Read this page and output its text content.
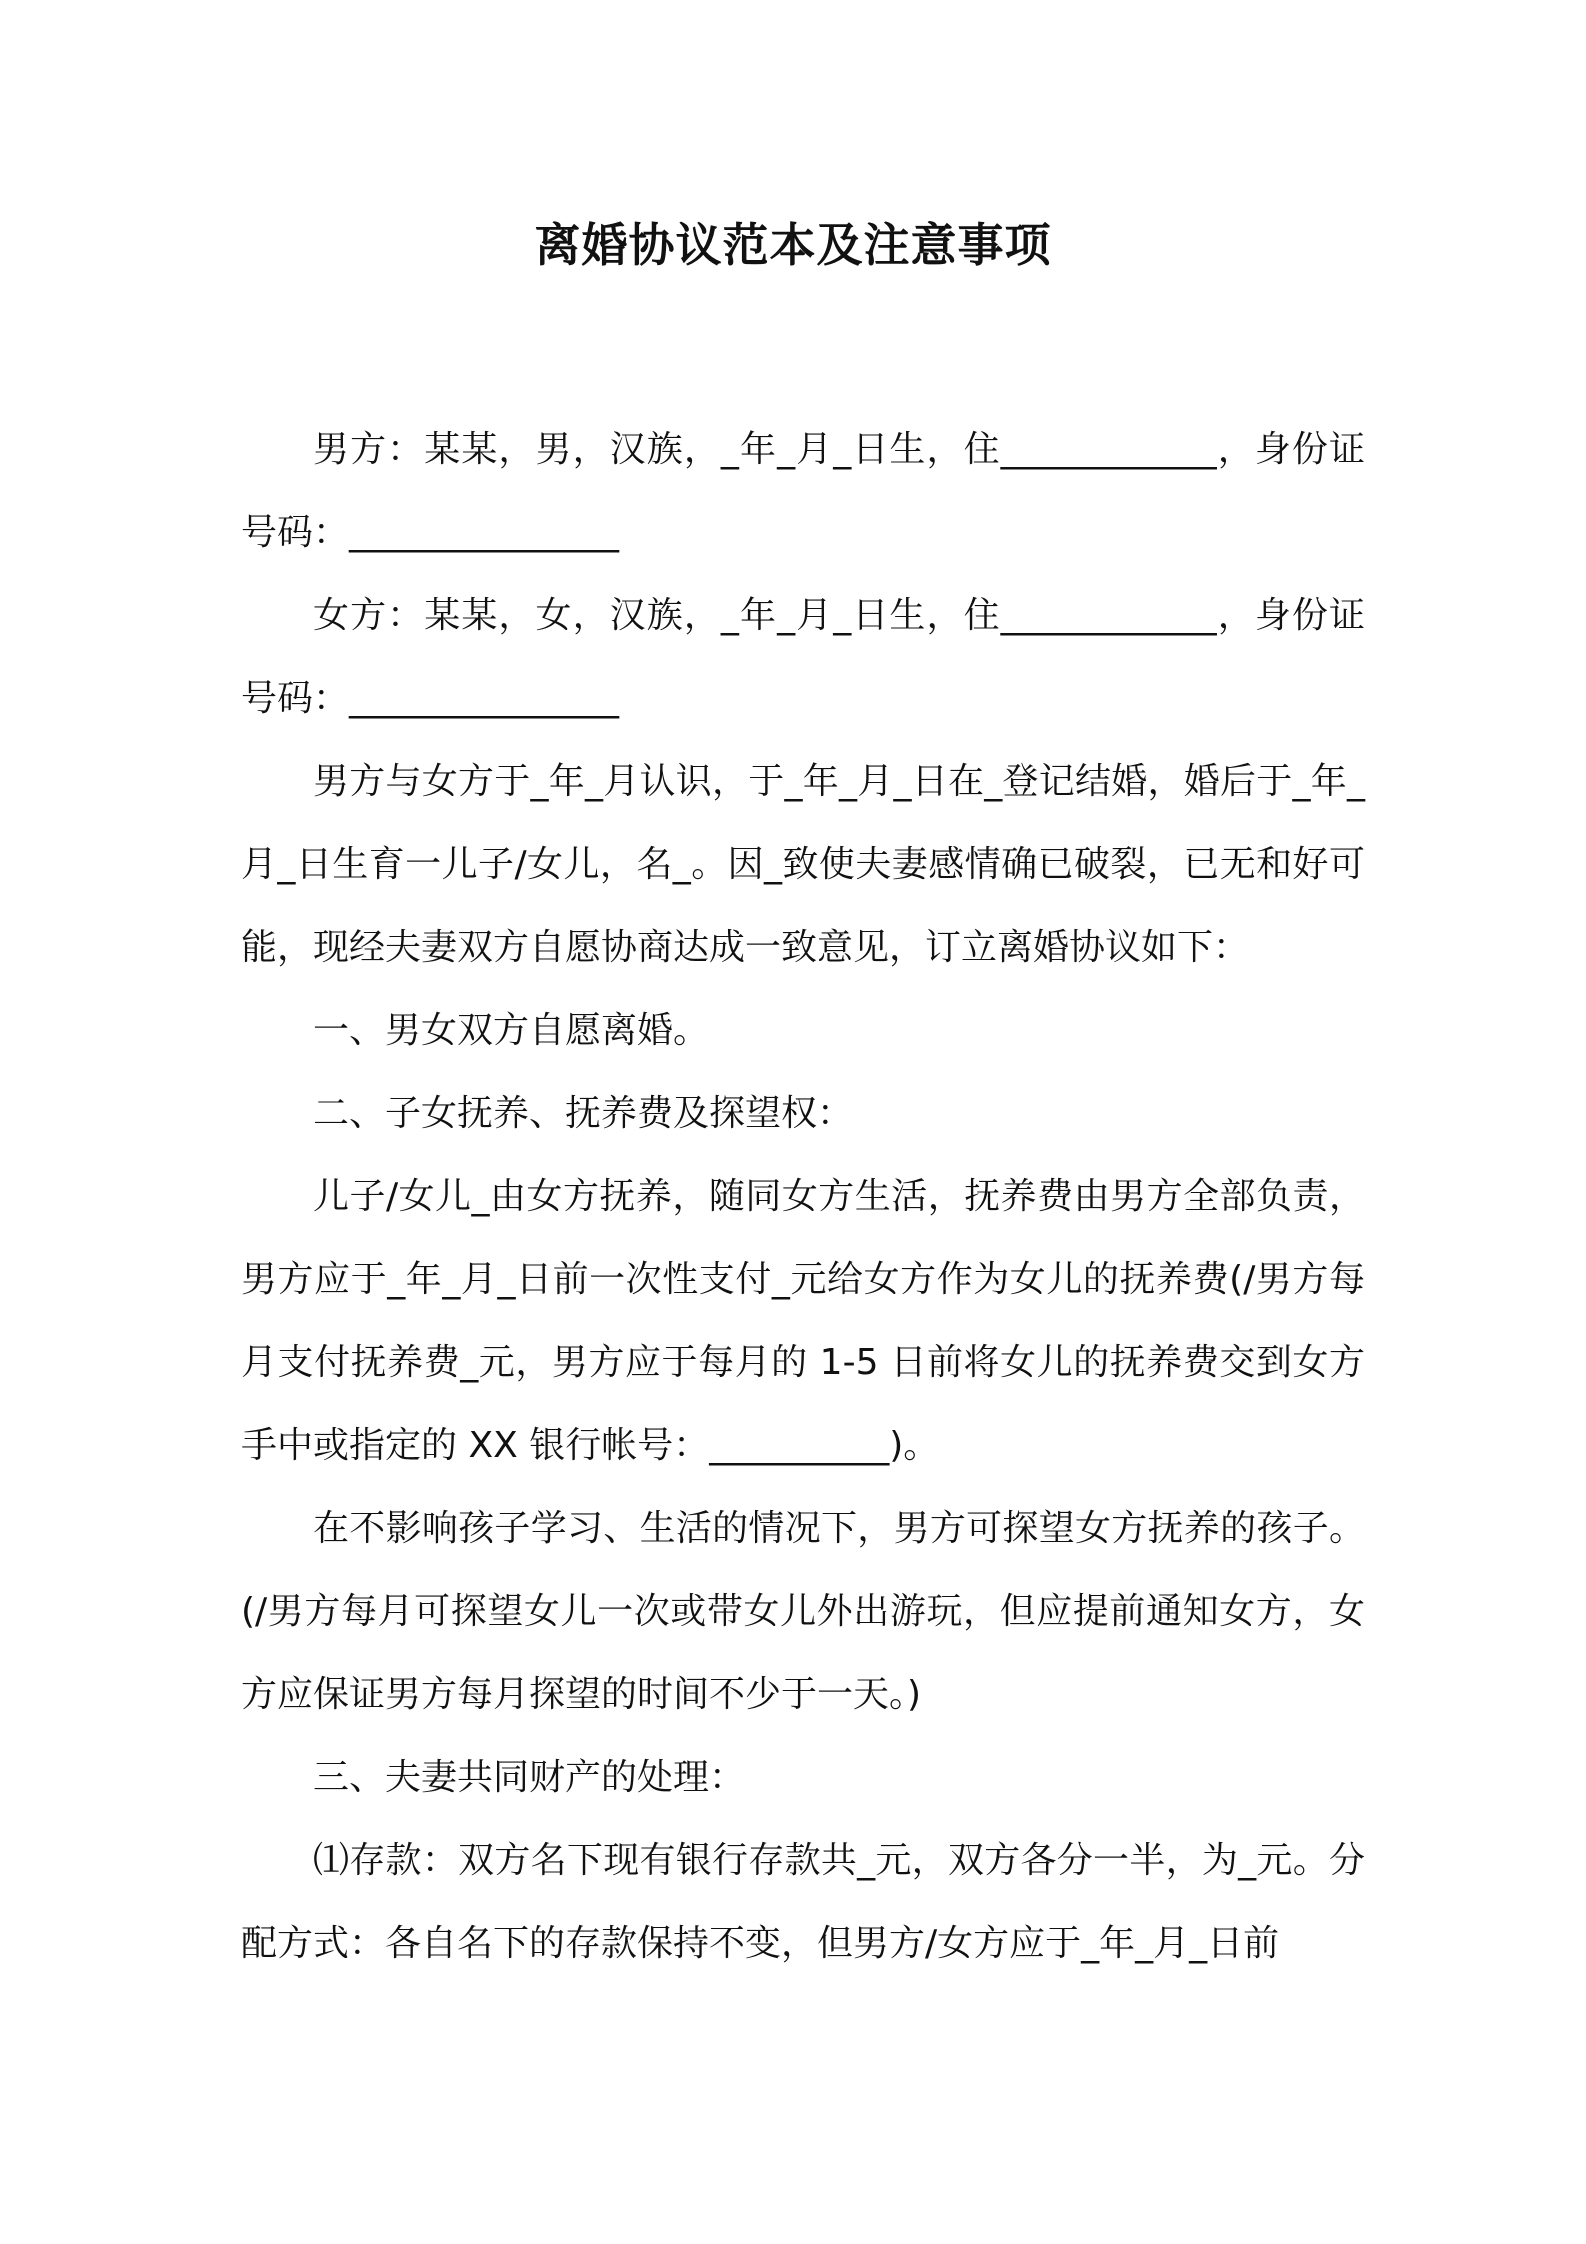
离婚协议范本及注意事项

男方：某某，男，汉族，_年_月_日生，住____________，身份证号码：_______________

女方：某某，女，汉族，_年_月_日生，住____________，身份证号码：_______________

男方与女方于_年_月认识，于_年_月_日在_登记结婚，婚后于_年_月_日生育一儿子/女儿，名_。因_致使夫妻感情确已破裂，已无和好可能，现经夫妻双方自愿协商达成一致意见，订立离婚协议如下：

一、男女双方自愿离婚。

二、子女抚养、抚养费及探望权：

儿子/女儿_由女方抚养，随同女方生活，抚养费由男方全部负责，男方应于_年_月_日前一次性支付_元给女方作为女儿的抚养费(/男方每月支付抚养费_元，男方应于每月的 1-5 日前将女儿的抚养费交到女方手中或指定的 XX 银行帐号：__________)。

在不影响孩子学习、生活的情况下，男方可探望女方抚养的孩子。(/男方每月可探望女儿一次或带女儿外出游玩，但应提前通知女方，女方应保证男方每月探望的时间不少于一天。)

三、夫妻共同财产的处理：

⑴存款：双方名下现有银行存款共_元，双方各分一半，为_元。分配方式：各自名下的存款保持不变，但男方/女方应于_年_月_日前
